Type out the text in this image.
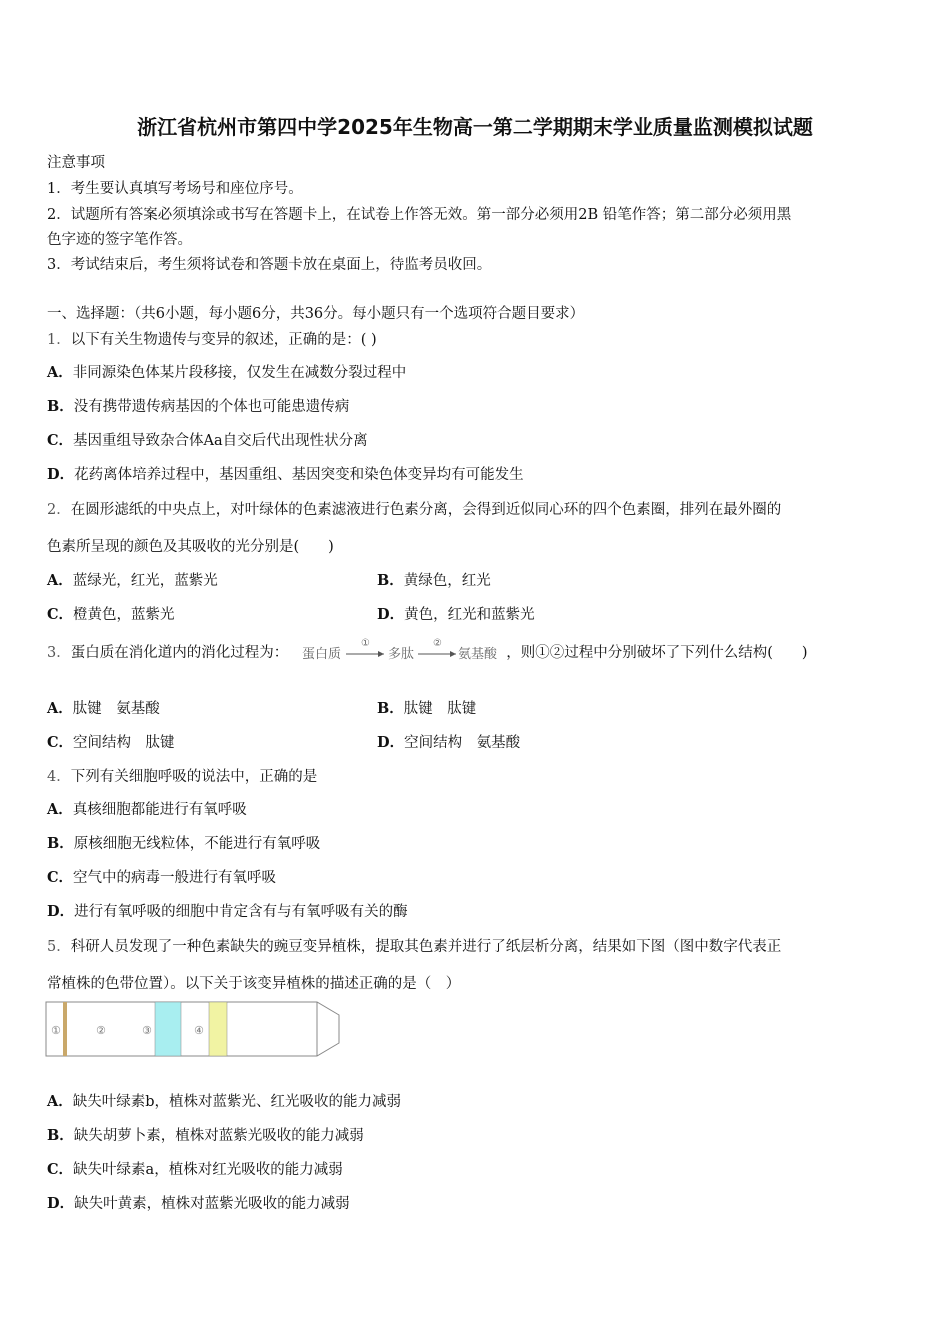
浙江省杭州市第四中学2025年生物高一第二学期期末学业质量监测模拟试题
注意事项
1．考生要认真填写考场号和座位序号。
2．试题所有答案必须填涂或书写在答题卡上，在试卷上作答无效。第一部分必须用2B 铅笔作答；第二部分必须用黑
色字迹的签字笔作答。
3．考试结束后，考生须将试卷和答题卡放在桌面上，待监考员收回。
一、选择题：（共6小题，每小题6分，共36分。每小题只有一个选项符合题目要求）
1．以下有关生物遗传与变异的叙述，正确的是：( )
A．非同源染色体某片段移接，仅发生在减数分裂过程中
B．没有携带遗传病基因的个体也可能患遗传病
C．基因重组导致杂合体Aa自交后代出现性状分离
D．花药离体培养过程中，基因重组、基因突变和染色体变异均有可能发生
2．在圆形滤纸的中央点上，对叶绿体的色素滤液进行色素分离，会得到近似同心环的四个色素圈，排列在最外圈的
色素所呈现的颜色及其吸收的光分别是(　　)
A．蓝绿光，红光，蓝紫光	B．黄绿色，红光
C．橙黄色，蓝紫光	D．黄色，红光和蓝紫光
3．蛋白质在消化道内的消化过程为： 蛋白质
①
多肽
②
氨基酸 ，则①②过程中分别破坏了下列什么结构(　　)
A．肽键　氨基酸	B．肽键　肽键
C．空间结构　肽键	D．空间结构　氨基酸
4．下列有关细胞呼吸的说法中，正确的是
A．真核细胞都能进行有氧呼吸
B．原核细胞无线粒体，不能进行有氧呼吸
C．空气中的病毒一般进行有氧呼吸
D．进行有氧呼吸的细胞中肯定含有与有氧呼吸有关的酶
5．科研人员发现了一种色素缺失的豌豆变异植株，提取其色素并进行了纸层析分离，结果如下图（图中数字代表正
常植株的色带位置）。以下关于该变异植株的描述正确的是（　）
①	②	③	④
A．缺失叶绿素b，植株对蓝紫光、红光吸收的能力减弱
B．缺失胡萝卜素，植株对蓝紫光吸收的能力减弱
C．缺失叶绿素a，植株对红光吸收的能力减弱
D．缺失叶黄素，植株对蓝紫光吸收的能力减弱
